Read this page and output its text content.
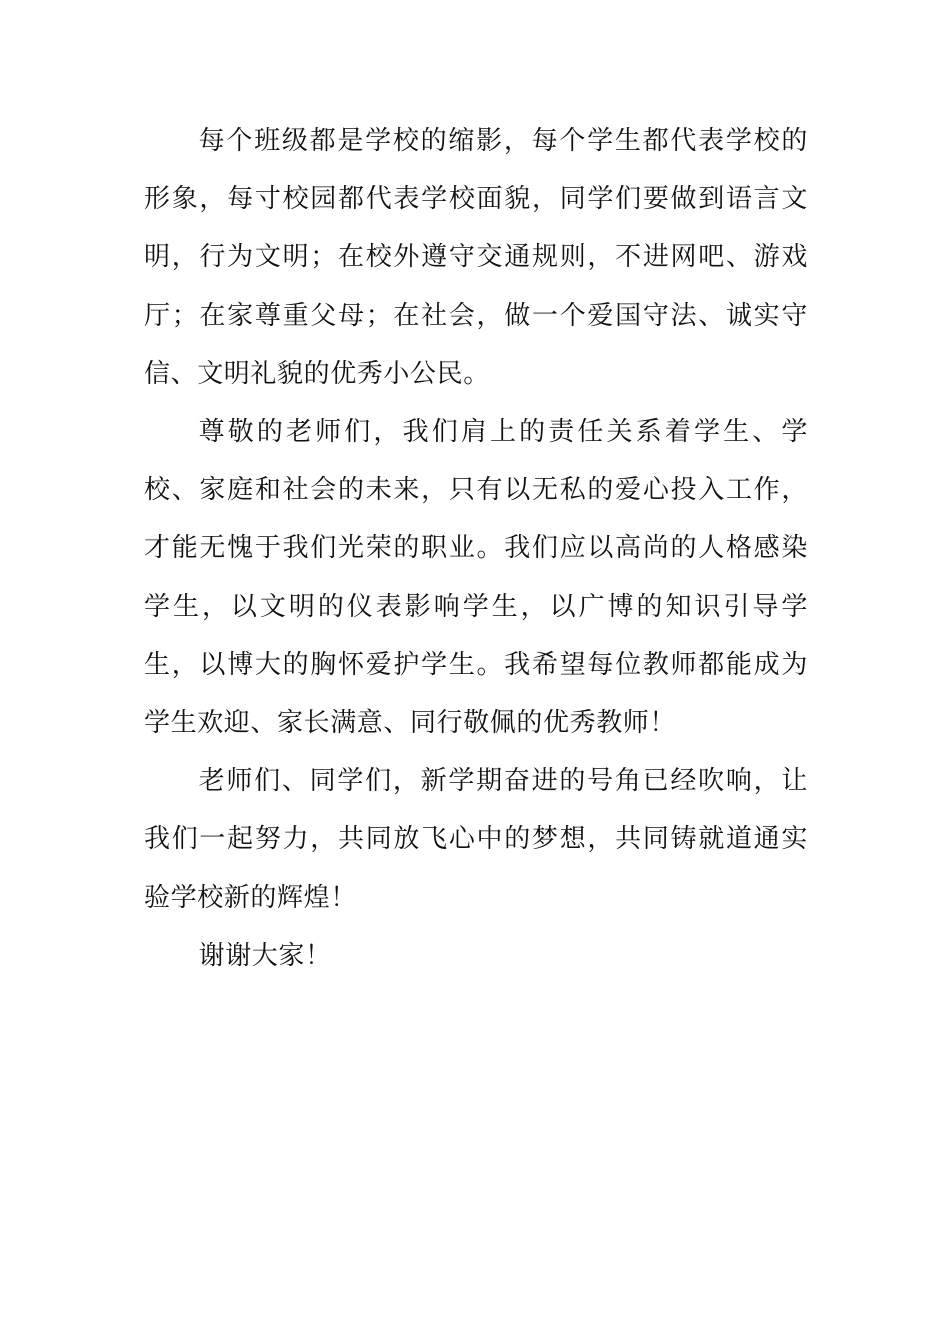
每个班级都是学校的缩影，每个学生都代表学校的形象，每寸校园都代表学校面貌，同学们要做到语言文明，行为文明；在校外遵守交通规则，不进网吧、游戏厅；在家尊重父母；在社会，做一个爱国守法、诚实守信、文明礼貌的优秀小公民。

尊敬的老师们，我们肩上的责任关系着学生、学校、家庭和社会的未来，只有以无私的爱心投入工作，才能无愧于我们光荣的职业。我们应以高尚的人格感染学生，以文明的仪表影响学生，以广博的知识引导学生，以博大的胸怀爱护学生。我希望每位教师都能成为学生欢迎、家长满意、同行敬佩的优秀教师！

老师们、同学们，新学期奋进的号角已经吹响，让我们一起努力，共同放飞心中的梦想，共同铸就道通实验学校新的辉煌！

谢谢大家！
